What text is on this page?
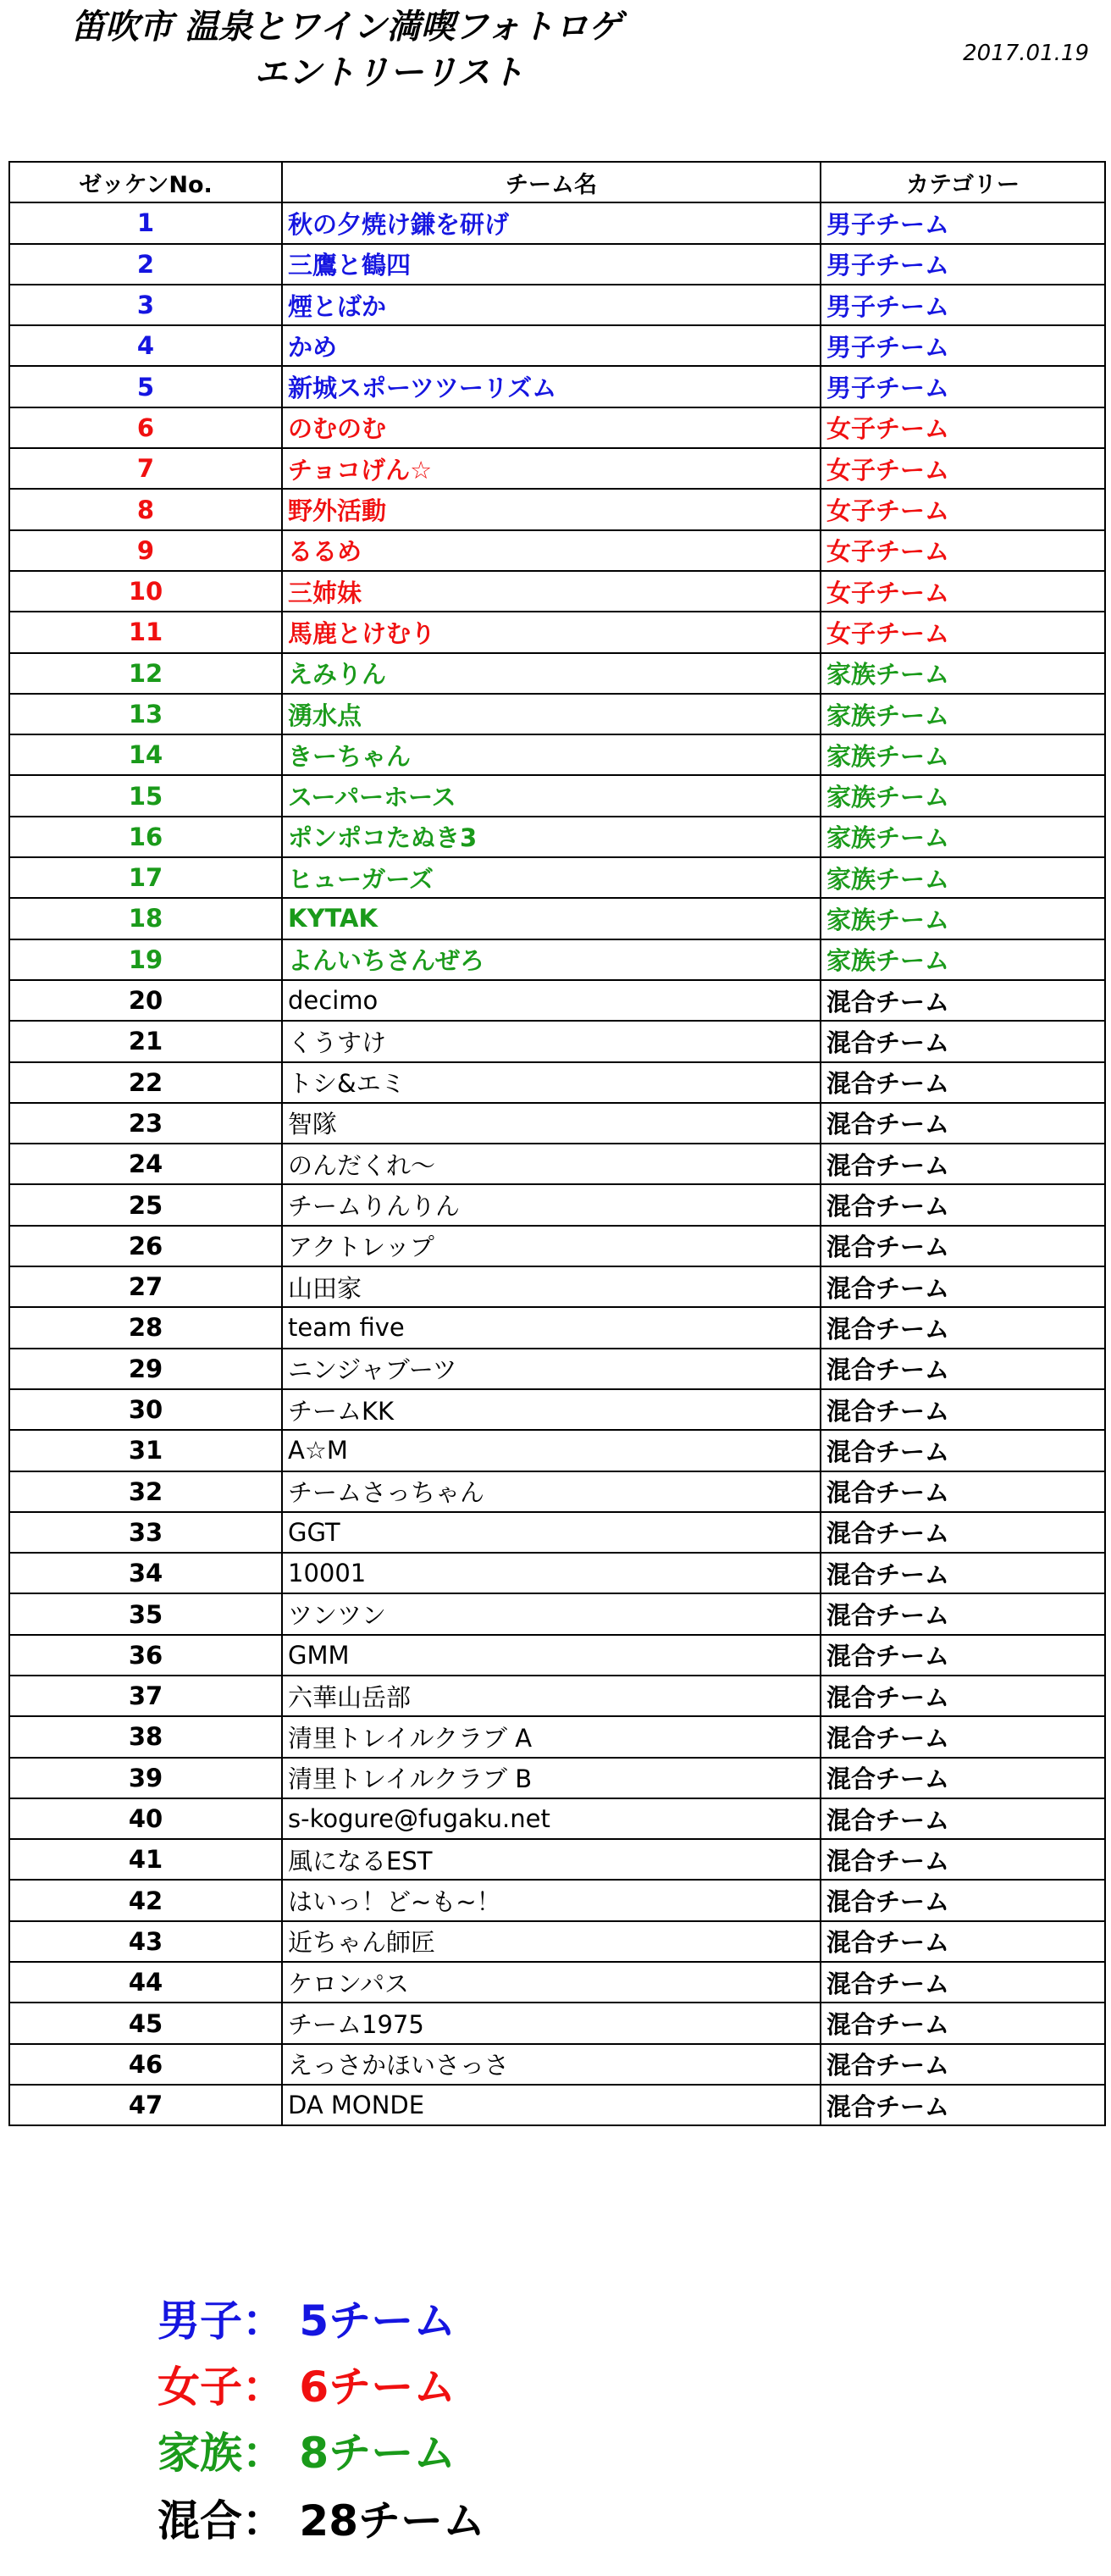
笛吹市 温泉とワイン満喫フォトロゲ
エントリーリスト	2017.01.19
ゼッケンNo.	チーム名	カテゴリー
1	秋の夕焼け鎌を研げ	男子チーム
2	三鷹と鶴四	男子チーム
3	煙とばか	男子チーム
4	かめ	男子チーム
5	新城スポーツツーリズム	男子チーム
6	のむのむ	女子チーム
7	チョコげん☆	女子チーム
8	野外活動	女子チーム
9	るるめ	女子チーム
10	三姉妹	女子チーム
11	馬鹿とけむり	女子チーム
12	えみりん	家族チーム
13	湧水点	家族チーム
14	きーちゃん	家族チーム
15	スーパーホース	家族チーム
16	ポンポコたぬき3	家族チーム
17	ヒューガーズ	家族チーム
18	KYTAK	家族チーム
19	よんいちさんぜろ	家族チーム
20	decimo	混合チーム
21	くうすけ	混合チーム
22	トシ&エミ	混合チーム
23	智隊	混合チーム
24	のんだくれ～	混合チーム
25	チームりんりん	混合チーム
26	アクトレップ	混合チーム
27	山田家	混合チーム
28	team five	混合チーム
29	ニンジャブーツ	混合チーム
30	チームKK	混合チーム
31	A☆M	混合チーム
32	チームさっちゃん	混合チーム
33	GGT	混合チーム
34	10001	混合チーム
35	ツンツン	混合チーム
36	GMM	混合チーム
37	六華山岳部	混合チーム
38	清里トレイルクラブ A	混合チーム
39	清里トレイルクラブ B	混合チーム
40	s-kogure@fugaku.net	混合チーム
41	風になるEST	混合チーム
42	はいっ！ど~も~！	混合チーム
43	近ちゃん師匠	混合チーム
44	ケロンパス	混合チーム
45	チーム1975	混合チーム
46	えっさかほいさっさ	混合チーム
47	DA MONDE	混合チーム
男子： 5チーム
女子： 6チーム
家族： 8チーム
混合： 28チーム
